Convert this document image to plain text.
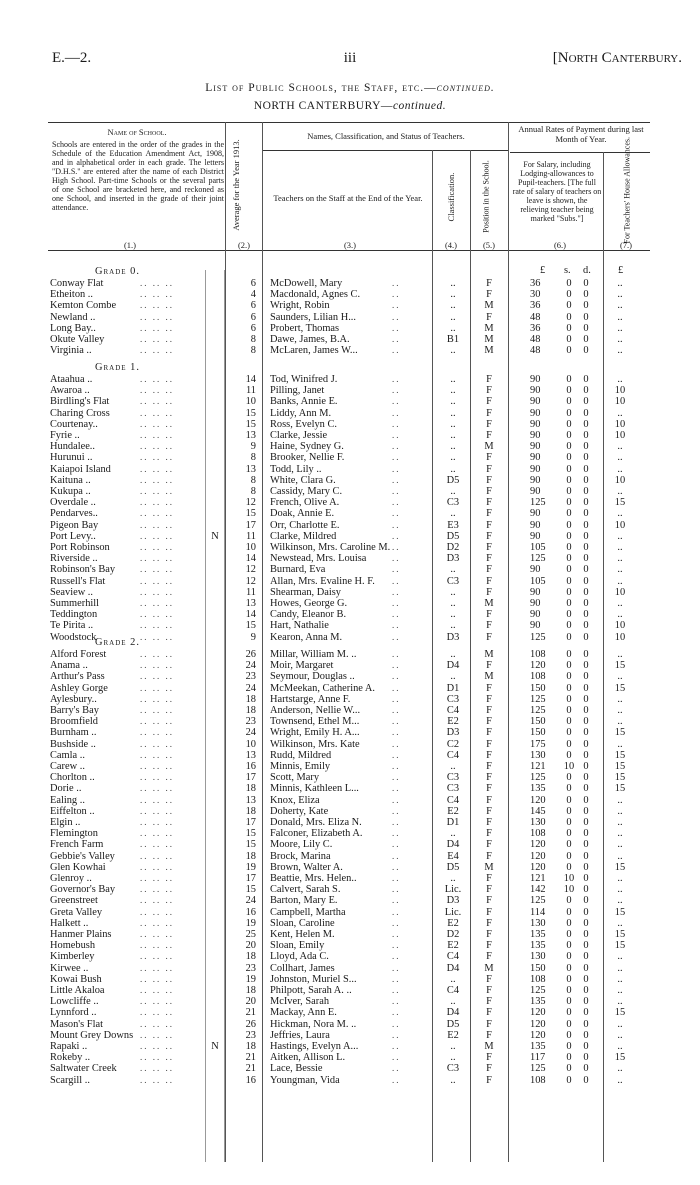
E.—2.	iii	[North Canterbury.
List of Public Schools, the Staff, etc.—continued.
NORTH CANTERBURY—continued.
Name of School.
Schools are entered in the order of the grades in the Schedule of the Education Amendment Act, 1908, and in alphabetical order in each grade. The letters "D.H.S." are entered after the name of each District High School. Part-time Schools or the several parts of one School are bracketed here, and reckoned as one School, and inserted in the grade of their joint attendance.	Average for the Year 1913.
Names, Classification, and Status of Teachers.
Teachers on the Staff at the End of the Year.	Classification.	Position in the School.
Annual Rates of Payment during last Month of Year.
For Salary, including Lodging-allowances to Pupil-teachers. [The full rate of salary of teachers on leave is shown, the relieving teacher being marked "Subs."]	For Teachers' House Allowances.
(1.)	(2.)	(3.)	(4.)	(5.)	(6.)	(7.)
£ s. d.	£
Grade 0.
Conway Flat	6 McDowell, Mary	..	F	36	0	0	..
.. .. ..	..
Etheiton ..	4 Macdonald, Agnes C.	..	F	30	0	0	..
.. .. ..	..
Kemton Combe	6 Wright, Robin	..	M	36	0	0	..
.. .. ..	..
Newland ..	6 Saunders, Lilian H...	..	F	48	0	0	..
.. .. ..	..
Long Bay..	6 Probert, Thomas	..	M	36	0	0	..
.. .. ..	..
Okute Valley	8 Dawe, James, B.A.	B1	M	48	0	0	..
.. .. ..	..
Virginia ..	8 McLaren, James W...	..	M	48	0	0	..
.. .. ..	..
Grade 1.
Ataahua ..	14 Tod, Winifred J.	..	F	90	0	0	..
.. .. ..	..
Awaroa ..	11 Pilling, Janet	..	F	90	0	0	10
.. .. ..	..
Birdling's Flat	10 Banks, Annie E.	..	F	90	0	0	10
.. .. ..	..
Charing Cross	15 Liddy, Ann M.	..	F	90	0	0	..
.. .. ..	..
Courtenay..	15 Ross, Evelyn C.	..	F	90	0	0	10
.. .. ..	..
Fyrie ..	13 Clarke, Jessie	..	F	90	0	0	10
.. .. ..	..
Hundalee..	9 Haine, Sydney G.	..	M	90	0	0	..
.. .. ..	..
Hurunui ..	8 Brooker, Nellie F.	..	F	90	0	0	..
.. .. ..	..
Kaiapoi Island	13 Todd, Lily ..	..	F	90	0	0	..
.. .. ..	..
Kaituna ..	8 White, Clara G.	D5	F	90	0	0	10
.. .. ..	..
Kukupa ..	8 Cassidy, Mary C.	..	F	90	0	0	..
.. .. ..	..
Overdale ..	12 French, Olive A.	C3	F	125	0	0	15
.. .. ..	..
Pendarves..	15 Doak, Annie E.	..	F	90	0	0	..
.. .. ..	..
Pigeon Bay	17 Orr, Charlotte E.	E3	F	90	0	0	10
.. .. ..	..
Port Levy..	N	11 Clarke, Mildred	D5	F	90	0	0	..
.. .. ..	..
Port Robinson	10 Wilkinson, Mrs. Caroline M.	D2	F	105	0	0	..
.. .. ..	..
Riverside ..	14 Newstead, Mrs. Louisa	D3	F	125	0	0	..
.. .. ..	..
Robinson's Bay	12 Burnard, Eva	..	F	90	0	0	..
.. .. ..	..
Russell's Flat	12 Allan, Mrs. Evaline H. F.	C3	F	105	0	0	..
.. .. ..	..
Seaview ..	11 Shearman, Daisy	..	F	90	0	0	10
.. .. ..	..
Summerhill	13 Howes, George G.	..	M	90	0	0	..
.. .. ..	..
Teddington	14 Candy, Eleanor B.	..	F	90	0	0	..
.. .. ..	..
Te Pirita ..	15 Hart, Nathalie	..	F	90	0	0	10
.. .. ..	..
Woodstock	9 Kearon, Anna M.	D3	F	125	0	0	10
.. .. ..	..
Grade 2.
Alford Forest	26 Millar, William M. ..	..	M	108	0	0	..
.. .. ..	..
Anama ..	24 Moir, Margaret	D4	F	120	0	0	15
.. .. ..	..
Arthur's Pass	23 Seymour, Douglas ..	..	M	108	0	0	..
.. .. ..	..
Ashley Gorge	24 McMeekan, Catherine A.	D1	F	150	0	0	15
.. .. ..	..
Aylesbury..	18 Hartstarge, Anne F.	C3	F	125	0	0	..
.. .. ..	..
Barry's Bay	18 Anderson, Nellie W...	C4	F	125	0	0	..
.. .. ..	..
Broomfield	23 Townsend, Ethel M...	E2	F	150	0	0	..
.. .. ..	..
Burnham ..	24 Wright, Emily H. A...	D3	F	150	0	0	15
.. .. ..	..
Bushside ..	10 Wilkinson, Mrs. Kate	C2	F	175	0	0	..
.. .. ..	..
Camla ..	13 Rudd, Mildred	C4	F	130	0	0	15
.. .. ..	..
Carew ..	16 Minnis, Emily	..	F	121 10 0	15
.. .. ..	..
Chorlton ..	17 Scott, Mary	C3	F	125	0	0	15
.. .. ..	..
Dorie ..	18 Minnis, Kathleen L...	C3	F	135	0	0	15
.. .. ..	..
Ealing ..	13 Knox, Eliza	C4	F	120	0	0	..
.. .. ..	..
Eiffelton ..	18 Doherty, Kate	E2	F	145	0	0	..
.. .. ..	..
Elgin ..	17 Donald, Mrs. Eliza N.	D1	F	130	0	0	..
.. .. ..	..
Flemington	15 Falconer, Elizabeth A.	..	F	108	0	0	..
.. .. ..	..
French Farm	15 Moore, Lily C.	D4	F	120	0	0	..
.. .. ..	..
Gebbie's Valley	18 Brock, Marina	E4	F	120	0	0	..
.. .. ..	..
Glen Kowhai	19 Brown, Walter A.	D5	M	120	0	0	15
.. .. ..	..
Glenroy ..	17 Beattie, Mrs. Helen..	..	F	121 10 0	..
.. .. ..	..
Governor's Bay	15 Calvert, Sarah S.	Lic.	F	142 10 0	..
.. .. ..	..
Greenstreet	24 Barton, Mary E.	D3	F	125	0	0	..
.. .. ..	..
Greta Valley	16 Campbell, Martha	Lic.	F	114	0	0	15
.. .. ..	..
Halkett ..	19 Sloan, Caroline	E2	F	130	0	0	..
.. .. ..	..
Hanmer Plains	25 Kent, Helen M.	D2	F	135	0	0	15
.. .. ..	..
Homebush	20 Sloan, Emily	E2	F	135	0	0	15
.. .. ..	..
Kimberley	18 Lloyd, Ada C.	C4	F	130	0	0	..
.. .. ..	..
Kirwee ..	23 Collhart, James	D4	M	150	0	0	..
.. .. ..	..
Kowai Bush	19 Johnston, Muriel S...	..	F	108	0	0	..
.. .. ..	..
Little Akaloa	18 Philpott, Sarah A. ..	C4	F	125	0	0	..
.. .. ..	..
Lowcliffe ..	20 McIver, Sarah	..	F	135	0	0	..
.. .. ..	..
Lynnford ..	21 Mackay, Ann E.	D4	F	120	0	0	15
.. .. ..	..
Mason's Flat	26 Hickman, Nora M. ..	D5	F	120	0	0	..
.. .. ..	..
Mount Grey Downs	23 Jeffries, Laura	E2	F	120	0	0	..
.. .. ..	..
Rapaki ..	N	18 Hastings, Evelyn A...	..	M	135	0	0	..
.. .. ..	..
Rokeby ..	21 Aitken, Allison L.	..	F	117	0	0	15
.. .. ..	..
Saltwater Creek	21 Lace, Bessie	C3	F	125	0	0	..
.. .. ..	..
Scargill ..	16 Youngman, Vida	..	F	108	0	0	..
.. .. ..	..
